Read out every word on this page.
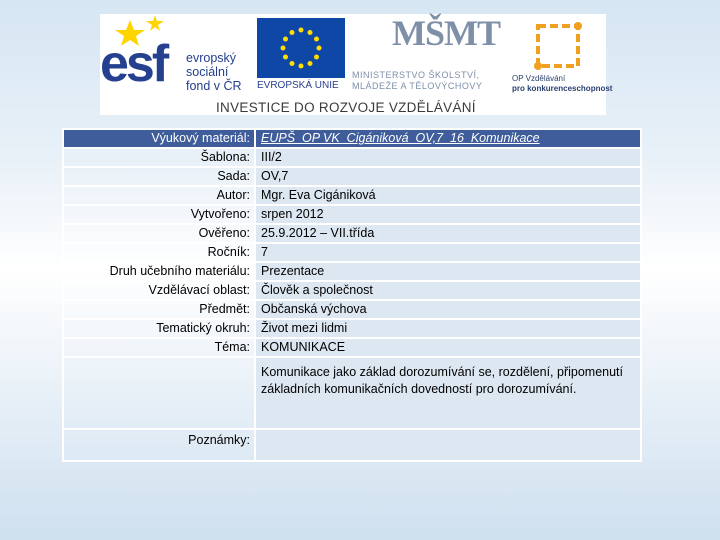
esf evropský
sociální
fond v ČR EVROPSKÁ UNIE
MŠMT
MINISTERSTVO ŠKOLSTVÍ,
MLÁDEŽE A TĚLOVÝCHOVY
OP Vzdělávání
pro konkurenceschopnost
INVESTICE DO ROZVOJE VZDĚLÁVÁNÍ
Výukový materiál:	EUPŠ_OP VK_Cigániková_OV,7_16_Komunikace
Šablona:	III/2
Sada:	OV,7
Autor:	Mgr. Eva Cigániková
Vytvořeno:	srpen 2012
Ověřeno:	25.9.2012 – VII.třída
Ročník:	7
Druh učebního materiálu:	Prezentace
Vzdělávací oblast:	Člověk a společnost
Předmět:	Občanská výchova
Tematický okruh:	Život mezi lidmi
Téma:	KOMUNIKACE
	Komunikace jako základ dorozumívání se, rozdělení, připomenutí základních komunikačních dovedností pro dorozumívání.
Poznámky:	
